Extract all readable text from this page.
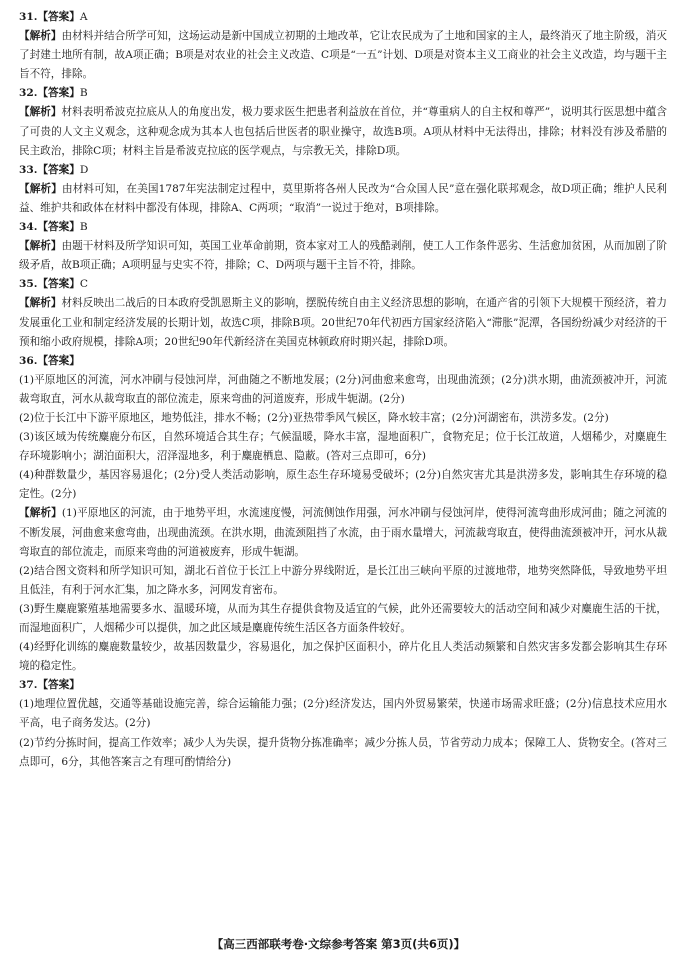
31.【答案】A

【解析】由材料并结合所学可知，这场运动是新中国成立初期的土地改革，它让农民成为了土地和国家的主人，最终消灭了地主阶级，消灭了封建土地所有制，故A项正确；B项是对农业的社会主义改造、C项是“一五”计划、D项是对资本主义工商业的社会主义改造，均与题干主旨不符，排除。

32.【答案】B

【解析】材料表明希波克拉底从人的角度出发，极力要求医生把患者利益放在首位，并“尊重病人的自主权和尊严”，说明其行医思想中蕴含了可贵的人文主义观念，这种观念成为其本人也包括后世医者的职业操守，故选B项。A项从材料中无法得出，排除；材料没有涉及希腊的民主政治，排除C项；材料主旨是希波克拉底的医学观点，与宗教无关，排除D项。

33.【答案】D

【解析】由材料可知，在美国1787年宪法制定过程中，莫里斯将各州人民改为“合众国人民”意在强化联邦观念，故D项正确；维护人民利益、维护共和政体在材料中都没有体现，排除A、C两项；“取消”一说过于绝对，B项排除。

34.【答案】B

【解析】由题干材料及所学知识可知，英国工业革命前期，资本家对工人的残酷剥削，使工人工作条件恶劣、生活愈加贫困，从而加剧了阶级矛盾，故B项正确；A项明显与史实不符，排除；C、D两项与题干主旨不符，排除。

35.【答案】C

【解析】材料反映出二战后的日本政府受凯恩斯主义的影响，摆脱传统自由主义经济思想的影响，在通产省的引领下大规模干预经济，着力发展重化工业和制定经济发展的长期计划，故选C项，排除B项。20世纪70年代初西方国家经济陷入“滞胀”泥潭，各国纷纷减少对经济的干预和缩小政府规模，排除A项；20世纪90年代新经济在美国克林顿政府时期兴起，排除D项。

36.【答案】

(1)平原地区的河流，河水冲刷与侵蚀河岸，河曲随之不断地发展；(2分)河曲愈来愈弯，出现曲流颈；(2分)洪水期，曲流颈被冲开，河流裁弯取直，河水从裁弯取直的部位流走，原来弯曲的河道废弃，形成牛轭湖。(2分)

(2)位于长江中下游平原地区，地势低洼，排水不畅；(2分)亚热带季风气候区，降水较丰富；(2分)河湖密布，洪涝多发。(2分)

(3)该区域为传统麋鹿分布区，自然环境适合其生存；气候温暖，降水丰富，湿地面积广，食物充足；位于长江故道，人烟稀少，对麋鹿生存环境影响小；湖泊面积大，沼泽湿地多，利于麋鹿栖息、隐蔽。(答对三点即可，6分)

(4)种群数量少，基因容易退化；(2分)受人类活动影响，原生态生存环境易受破坏；(2分)自然灾害尤其是洪涝多发，影响其生存环境的稳定性。(2分)

【解析】(1)平原地区的河流，由于地势平坦，水流速度慢，河流侧蚀作用强，河水冲刷与侵蚀河岸，使得河流弯曲形成河曲；随之河流的不断发展，河曲愈来愈弯曲，出现曲流颈。在洪水期，曲流颈阻挡了水流，由于雨水量增大，河流裁弯取直，使得曲流颈被冲开，河水从裁弯取直的部位流走，而原来弯曲的河道被废弃，形成牛轭湖。

(2)结合图文资料和所学知识可知，湖北石首位于长江上中游分界线附近，是长江出三峡向平原的过渡地带，地势突然降低，导致地势平坦且低洼，有利于河水汇集，加之降水多，河网发育密布。

(3)野生麋鹿繁殖基地需要多水、温暖环境，从而为其生存提供食物及适宜的气候，此外还需要较大的活动空间和减少对麋鹿生活的干扰，而湿地面积广，人烟稀少可以提供，加之此区域是麋鹿传统生活区各方面条件较好。

(4)经野化训练的麋鹿数量较少，故基因数量少，容易退化，加之保护区面积小，碎片化且人类活动频繁和自然灾害多发都会影响其生存环境的稳定性。

37.【答案】

(1)地理位置优越，交通等基础设施完善，综合运输能力强；(2分)经济发达，国内外贸易繁荣，快递市场需求旺盛；(2分)信息技术应用水平高，电子商务发达。(2分)

(2)节约分拣时间，提高工作效率；减少人为失误，提升货物分拣准确率；减少分拣人员，节省劳动力成本；保障工人、货物安全。(答对三点即可，6分，其他答案言之有理可酌情给分)

【高三西部联考卷·文综参考答案 第3页(共6页)】
